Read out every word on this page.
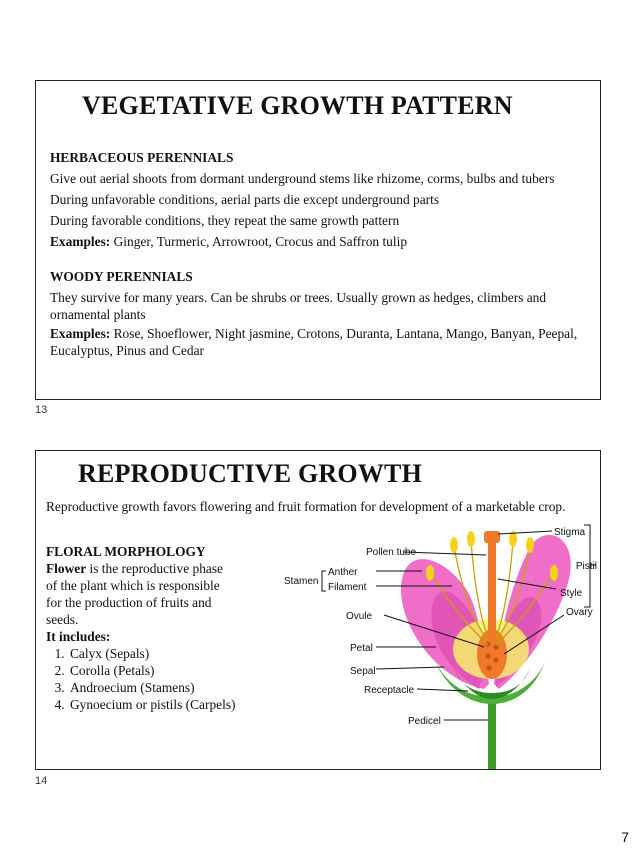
VEGETATIVE GROWTH PATTERN
HERBACEOUS PERENNIALS
Give out aerial shoots from dormant underground stems like rhizome, corms, bulbs and tubers
During unfavorable conditions, aerial parts die except underground parts
During favorable conditions, they repeat the same growth pattern
Examples: Ginger, Turmeric, Arrowroot, Crocus and Saffron tulip
WOODY PERENNIALS
They survive for many years. Can be shrubs or trees. Usually grown as hedges, climbers and ornamental plants
Examples: Rose, Shoeflower, Night jasmine, Crotons, Duranta, Lantana, Mango, Banyan, Peepal, Eucalyptus, Pinus and Cedar
13
REPRODUCTIVE GROWTH
Reproductive growth favors flowering and fruit formation for development of a marketable crop.
FLORAL MORPHOLOGY
Flower is the reproductive phase of the plant which is responsible for the production of fruits and seeds.
It includes:
1. Calyx (Sepals)
2. Corolla (Petals)
3. Androecium (Stamens)
4. Gynoecium or pistils (Carpels)
Stigma
Pistil
Pollen tube
Stamen
Anther
Filament
Style
Ovule	Ovary
Petal
Sepal
Receptacle
Pedicel
14
7
